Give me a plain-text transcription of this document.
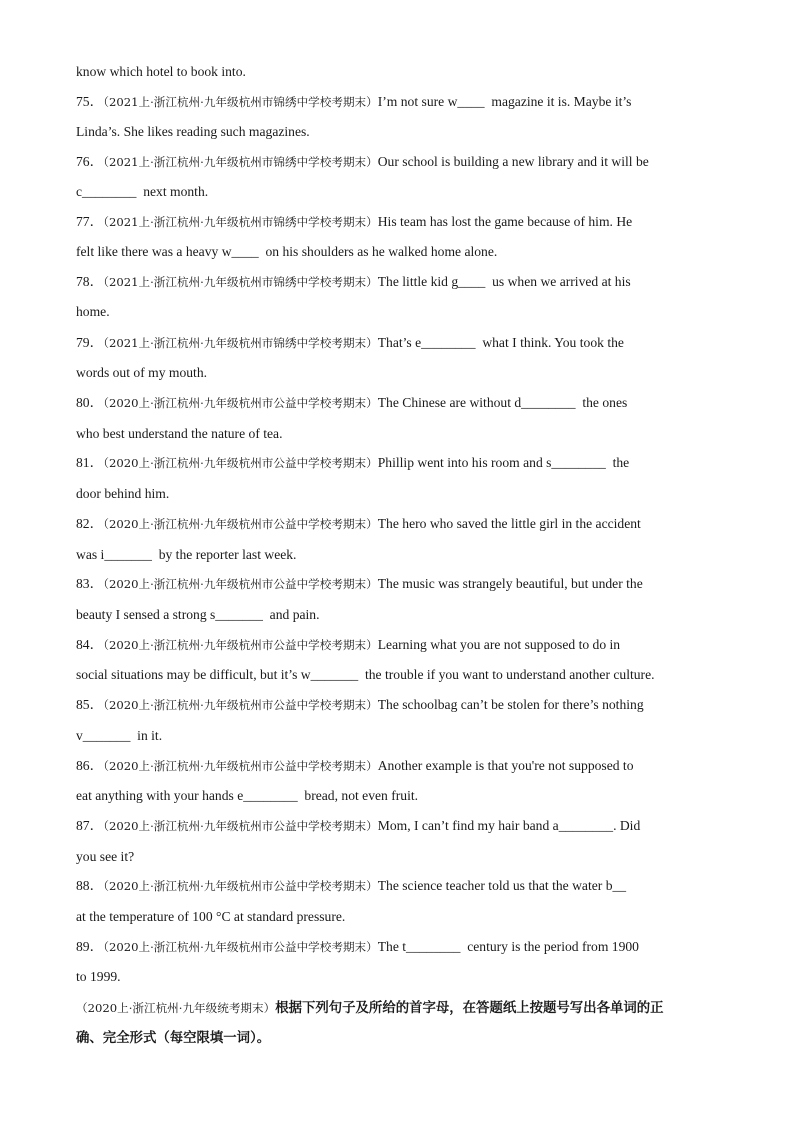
know which hotel to book into.
75．（2021上·浙江杭州·九年级杭州市锦绣中学校考期末）I’m not sure w____  magazine it is. Maybe it’s
Linda’s. She likes reading such magazines.
76．（2021上·浙江杭州·九年级杭州市锦绣中学校考期末）Our school is building a new library and it will be
c________  next month.
77．（2021上·浙江杭州·九年级杭州市锦绣中学校考期末）His team has lost the game because of him. He
felt like there was a heavy w____  on his shoulders as he walked home alone.
78．（2021上·浙江杭州·九年级杭州市锦绣中学校考期末）The little kid g____  us when we arrived at his
home.
79．（2021上·浙江杭州·九年级杭州市锦绣中学校考期末）That’s e________  what I think. You took the
words out of my mouth.
80．（2020上·浙江杭州·九年级杭州市公益中学校考期末）The Chinese are without d________  the ones
who best understand the nature of tea.
81．（2020上·浙江杭州·九年级杭州市公益中学校考期末）Phillip went into his room and s________  the
door behind him.
82．（2020上·浙江杭州·九年级杭州市公益中学校考期末）The hero who saved the little girl in the accident
was i_______  by the reporter last week.
83．（2020上·浙江杭州·九年级杭州市公益中学校考期末）The music was strangely beautiful, but under the
beauty I sensed a strong s_______  and pain.
84．（2020上·浙江杭州·九年级杭州市公益中学校考期末）Learning what you are not supposed to do in
social situations may be difficult, but it’s w_______  the trouble if you want to understand another culture.
85．（2020上·浙江杭州·九年级杭州市公益中学校考期末）The schoolbag can’t be stolen for there’s nothing
v_______  in it.
86．（2020上·浙江杭州·九年级杭州市公益中学校考期末）Another example is that you're not supposed to
eat anything with your hands e________  bread, not even fruit.
87．（2020上·浙江杭州·九年级杭州市公益中学校考期末）Mom, I can’t find my hair band a________. Did
you see it?
88．（2020上·浙江杭州·九年级杭州市公益中学校考期末）The science teacher told us that the water b__
at the temperature of 100 °C at standard pressure.
89．（2020上·浙江杭州·九年级杭州市公益中学校考期末）The t________  century is the period from 1900
to 1999.
（2020上·浙江杭州·九年级统考期末）根据下列句子及所给的首字母，在答题纸上按题号写出各单词的正
确、完全形式（每空限填一词）。
